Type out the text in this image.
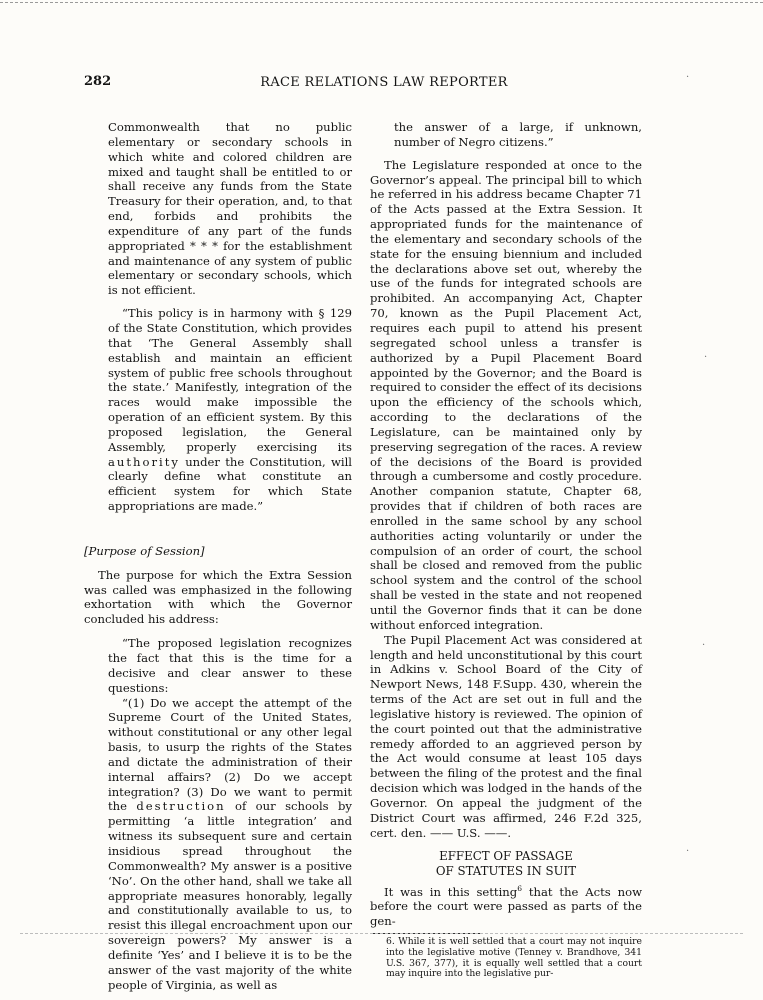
282	RACE RELATIONS LAW REPORTER

Commonwealth that no public elementary or secondary schools in which white and colored children are mixed and taught shall be entitled to or shall receive any funds from the State Treasury for their operation, and, to that end, forbids and prohibits the expenditure of any part of the funds appropriated * * * for the establishment and maintenance of any system of public elementary or secondary schools, which is not efficient.

“This policy is in harmony with § 129 of the State Constitution, which provides that ‘The General Assembly shall establish and maintain an efficient system of public free schools throughout the state.’ Manifestly, integration of the races would make impossible the operation of an efficient system. By this proposed legislation, the General Assembly, properly exercising its authority under the Constitution, will clearly define what constitute an efficient system for which State appropriations are made.”

[Purpose of Session]

The purpose for which the Extra Session was called was emphasized in the following exhortation with which the Governor concluded his address:

“The proposed legislation recognizes the fact that this is the time for a decisive and clear answer to these questions:

“(1) Do we accept the attempt of the Supreme Court of the United States, without constitutional or any other legal basis, to usurp the rights of the States and dictate the administration of their internal affairs? (2) Do we accept integration? (3) Do we want to permit the destruction of our schools by permitting ‘a little integration’ and witness its subsequent sure and certain insidious spread throughout the Commonwealth? My answer is a positive ‘No’. On the other hand, shall we take all appropriate measures honorably, legally and constitutionally available to us, to resist this illegal encroachment upon our sovereign powers? My answer is a definite ‘Yes’ and I believe it is to be the answer of the vast majority of the white people of Virginia, as well as

the answer of a large, if unknown, number of Negro citizens.”

The Legislature responded at once to the Governor’s appeal. The principal bill to which he referred in his address became Chapter 71 of the Acts passed at the Extra Session. It appropriated funds for the maintenance of the elementary and secondary schools of the state for the ensuing biennium and included the declarations above set out, whereby the use of the funds for integrated schools are prohibited. An accompanying Act, Chapter 70, known as the Pupil Placement Act, requires each pupil to attend his present segregated school unless a transfer is authorized by a Pupil Placement Board appointed by the Governor; and the Board is required to consider the effect of its decisions upon the efficiency of the schools which, according to the declarations of the Legislature, can be maintained only by preserving segregation of the races. A review of the decisions of the Board is provided through a cumbersome and costly procedure. Another companion statute, Chapter 68, provides that if children of both races are enrolled in the same school by any school authorities acting voluntarily or under the compulsion of an order of court, the school shall be closed and removed from the public school system and the control of the school shall be vested in the state and not reopened until the Governor finds that it can be done without enforced integration.

The Pupil Placement Act was considered at length and held unconstitutional by this court in Adkins v. School Board of the City of Newport News, 148 F.Supp. 430, wherein the terms of the Act are set out in full and the legislative history is reviewed. The opinion of the court pointed out that the administrative remedy afforded to an aggrieved person by the Act would consume at least 105 days between the filing of the protest and the final decision which was lodged in the hands of the Governor. On appeal the judgment of the District Court was affirmed, 246 F.2d 325, cert. den. —— U.S. ——.

EFFECT OF PASSAGE
OF STATUTES IN SUIT

It was in this setting$^6$ that the Acts now before the court were passed as parts of the gen-

6. While it is well settled that a court may not inquire into the legislative motive (Tenney v. Brandhove, 341 U.S. 367, 377), it is equally well settled that a court may inquire into the legislative pur-

·
·
·
·
